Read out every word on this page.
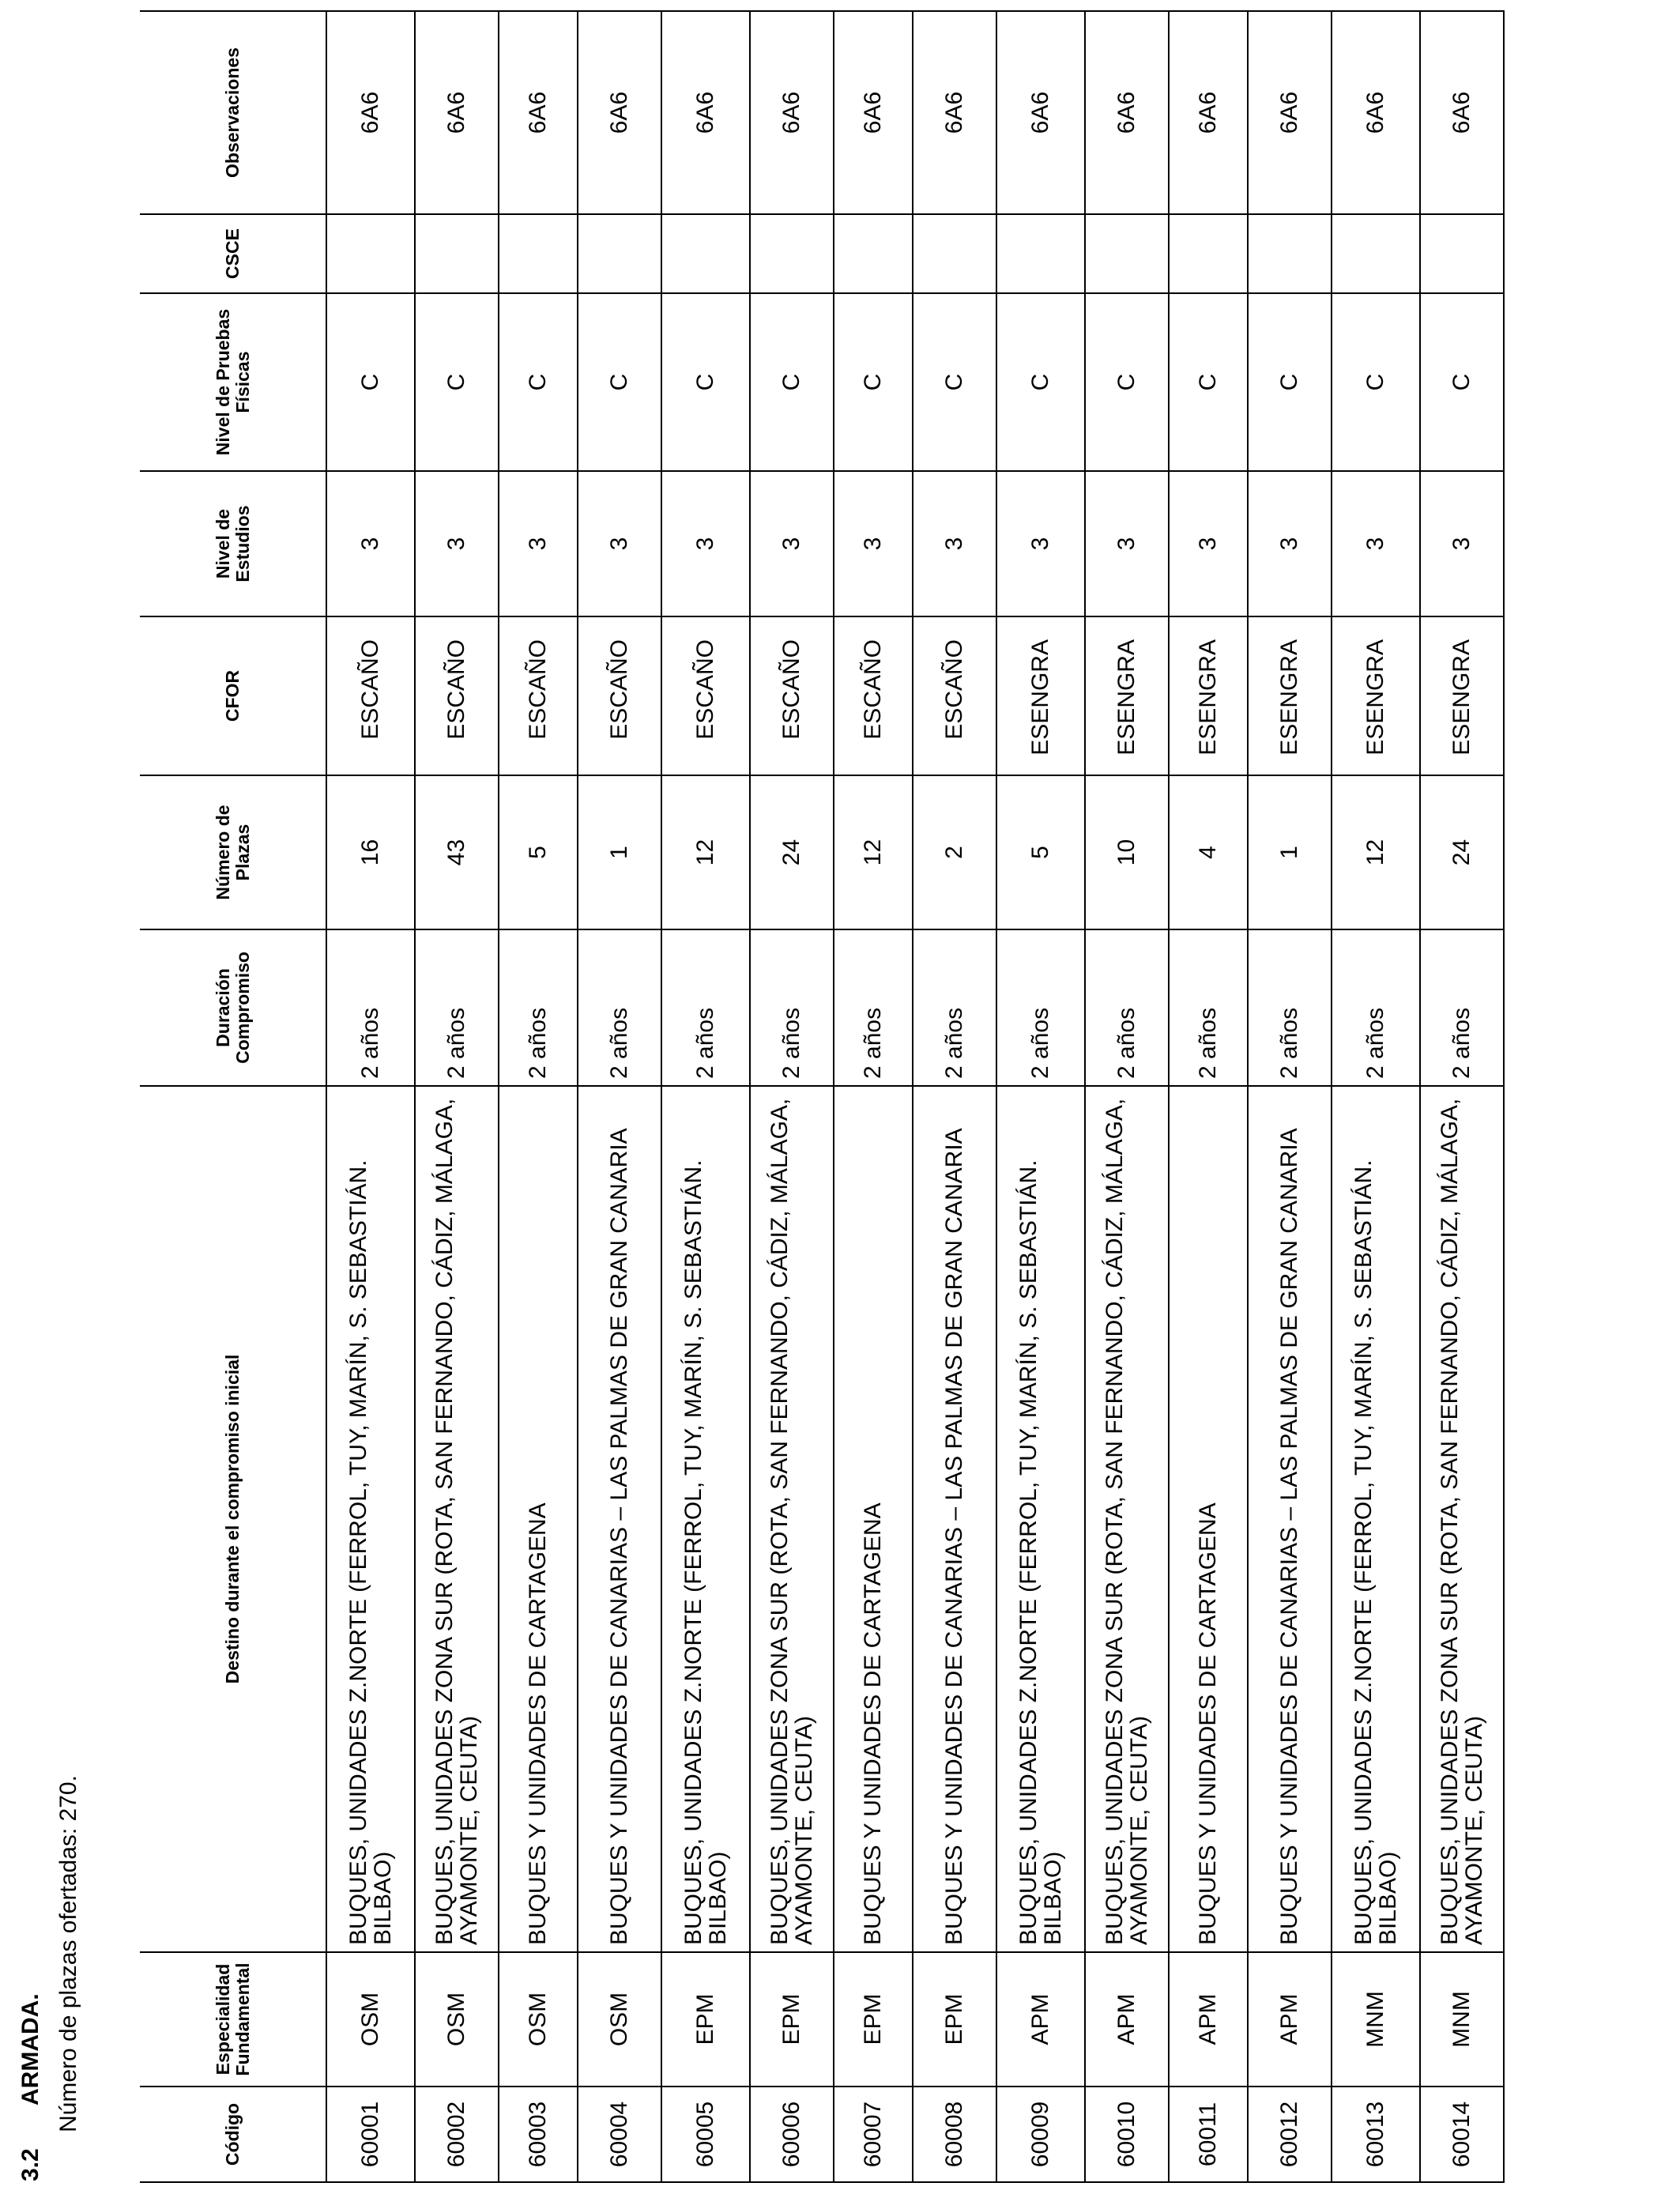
3.2ARMADA. Número de plazas ofertadas: 270.
Código	Especialidad Fundamental	Destino durante el compromiso inicial	Duración Compromiso	Número de Plazas	CFOR	Nivel de Estudios	Nivel de Pruebas Físicas	CSCE	Observaciones
60001	OSM	BUQUES, UNIDADES Z.NORTE (FERROL, TUY, MARÍN, S. SEBASTIÁN. BILBAO)	2 años	16	ESCAÑO	3	C		6A6
60002	OSM	BUQUES, UNIDADES ZONA SUR (ROTA, SAN FERNANDO, CÁDIZ, MÁLAGA, AYAMONTE, CEUTA)	2 años	43	ESCAÑO	3	C		6A6
60003	OSM	BUQUES Y UNIDADES DE CARTAGENA	2 años	5	ESCAÑO	3	C		6A6
60004	OSM	BUQUES Y UNIDADES DE CANARIAS – LAS PALMAS DE GRAN CANARIA	2 años	1	ESCAÑO	3	C		6A6
60005	EPM	BUQUES, UNIDADES Z.NORTE (FERROL, TUY, MARÍN, S. SEBASTIÁN. BILBAO)	2 años	12	ESCAÑO	3	C		6A6
60006	EPM	BUQUES, UNIDADES ZONA SUR (ROTA, SAN FERNANDO, CÁDIZ, MÁLAGA, AYAMONTE, CEUTA)	2 años	24	ESCAÑO	3	C		6A6
60007	EPM	BUQUES Y UNIDADES DE CARTAGENA	2 años	12	ESCAÑO	3	C		6A6
60008	EPM	BUQUES Y UNIDADES DE CANARIAS – LAS PALMAS DE GRAN CANARIA	2 años	2	ESCAÑO	3	C		6A6
60009	APM	BUQUES, UNIDADES Z.NORTE (FERROL, TUY, MARÍN, S. SEBASTIÁN. BILBAO)	2 años	5	ESENGRA	3	C		6A6
60010	APM	BUQUES, UNIDADES ZONA SUR (ROTA, SAN FERNANDO, CÁDIZ, MÁLAGA, AYAMONTE, CEUTA)	2 años	10	ESENGRA	3	C		6A6
60011	APM	BUQUES Y UNIDADES DE CARTAGENA	2 años	4	ESENGRA	3	C		6A6
60012	APM	BUQUES Y UNIDADES DE CANARIAS – LAS PALMAS DE GRAN CANARIA	2 años	1	ESENGRA	3	C		6A6
60013	MNM	BUQUES, UNIDADES Z.NORTE (FERROL, TUY, MARÍN, S. SEBASTIÁN. BILBAO)	2 años	12	ESENGRA	3	C		6A6
60014	MNM	BUQUES, UNIDADES ZONA SUR (ROTA, SAN FERNANDO, CÁDIZ, MÁLAGA, AYAMONTE, CEUTA)	2 años	24	ESENGRA	3	C		6A6
